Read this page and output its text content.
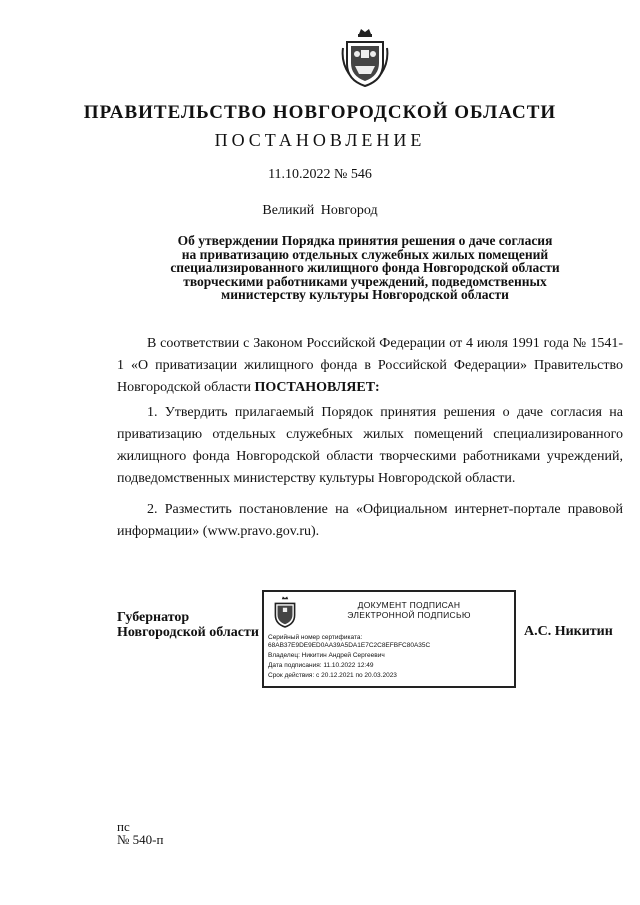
ПРАВИТЕЛЬСТВО НОВГОРОДСКОЙ ОБЛАСТИ
ПОСТАНОВЛЕНИЕ
11.10.2022 № 546
Великий Новгород
Об утверждении Порядка принятия решения о даче согласия
на приватизацию отдельных служебных жилых помещений
специализированного жилищного фонда Новгородской области
творческими работниками учреждений, подведомственных
министерству культуры Новгородской области
В соответствии с Законом Российской Федерации от 4 июля 1991 года № 1541-1 «О приватизации жилищного фонда в Российской Федерации» Правительство Новгородской области ПОСТАНОВЛЯЕТ:
1. Утвердить прилагаемый Порядок принятия решения о даче согласия на приватизацию отдельных служебных жилых помещений специализированного жилищного фонда Новгородской области творческими работниками учреждений, подведомственных министерству культуры Новгородской области.
2. Разместить постановление на «Официальном интернет-портале правовой информации» (www.pravo.gov.ru).
Губернатор
Новгородской области
ДОКУМЕНТ ПОДПИСАН
ЭЛЕКТРОННОЙ ПОДПИСЬЮ
Серийный номер сертификата:
68AB37E9DE9ED0AA39A5DA1E7C2C8EFBFC80A35C
Владелец: Никитин Андрей Сергеевич
Дата подписания: 11.10.2022 12:49
Срок действия: с 20.12.2021 по 20.03.2023
А.С. Никитин
пс
№ 540-п
